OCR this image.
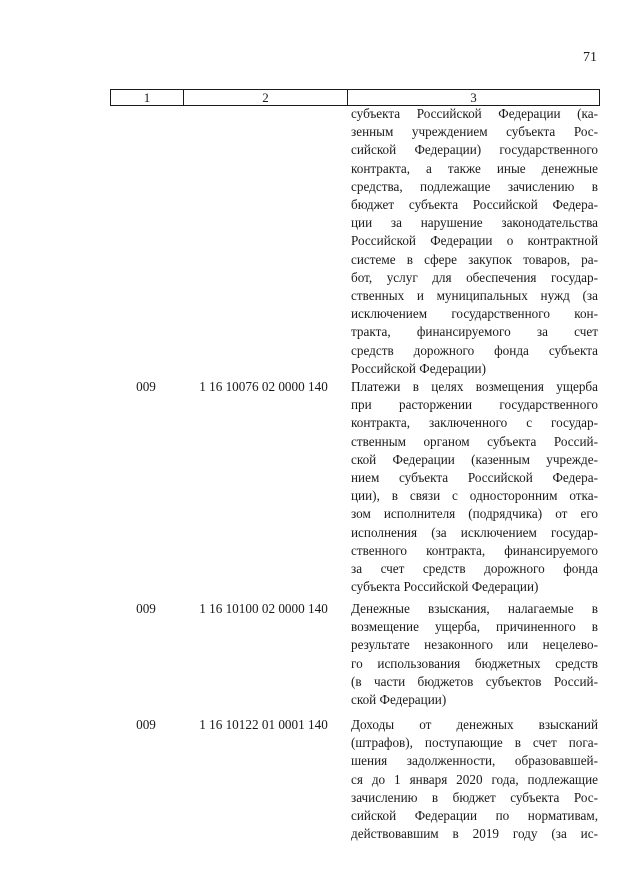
71
1	2	3
субъекта Российской Федерации (ка-
зенным учреждением субъекта Рос-
сийской Федерации) государственного
контракта, а также иные денежные
средства, подлежащие зачислению в
бюджет субъекта Российской Федера-
ции за нарушение законодательства
Российской Федерации о контрактной
системе в сфере закупок товаров, ра-
бот, услуг для обеспечения государ-
ственных и муниципальных нужд (за
исключением государственного кон-
тракта, финансируемого за счет
средств дорожного фонда субъекта
Российской Федерации)
009	1 16 10076 02 0000 140	Платежи в целях возмещения ущерба
при расторжении государственного
контракта, заключенного с государ-
ственным органом субъекта Россий-
ской Федерации (казенным учрежде-
нием субъекта Российской Федера-
ции), в связи с односторонним отка-
зом исполнителя (подрядчика) от его
исполнения (за исключением государ-
ственного контракта, финансируемого
за счет средств дорожного фонда
субъекта Российской Федерации)
009	1 16 10100 02 0000 140	Денежные взыскания, налагаемые в
возмещение ущерба, причиненного в
результате незаконного или нецелево-
го использования бюджетных средств
(в части бюджетов субъектов Россий-
ской Федерации)
009	1 16 10122 01 0001 140	Доходы от денежных взысканий
(штрафов), поступающие в счет пога-
шения задолженности, образовавшей-
ся до 1 января 2020 года, подлежащие
зачислению в бюджет субъекта Рос-
сийской Федерации по нормативам,
действовавшим в 2019 году (за ис-
